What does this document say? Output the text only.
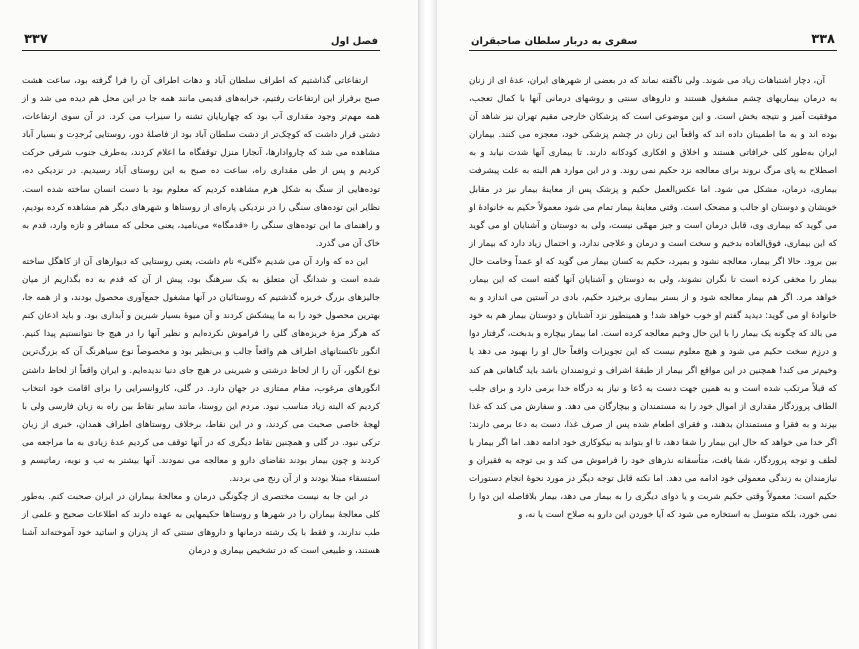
۳۳۷	فصل اول

ارتفاعاتی گذاشتیم که اطراف سلطان آباد و دهات اطراف آن را فرا گرفته بود، ساعت هشت صبح برفراز این ارتفاعات رفتیم، خرابه‌های قدیمی مانند همه جا در این محل هم دیده می شد و از همه مهم‌تر وجود مقداری آب بود که چهارپایان تشنه را سیراب می کرد. در آن سوی ارتفاعات، دشتی قرار داشت که کوچک‌تر از دشت سلطان آباد بود از فاصلهٔ دور، روستایی بُرجدِت و بسیار آباد مشاهده می شد که چاروادارها، آنجارا منزل توقفگاه ما اعلام کردند، به‌طرف جنوب شرقی حرکت کردیم و پس از طی مقداری راه، ساعت ده صبح به این روستای آباد رسیدیم. در نزدیکی ده، توده‌هایی از سنگ به شکل هرم مشاهده کردیم که معلوم بود با دست انسان ساخته شده است. نظایر این توده‌های سنگی را در نزدیکی پاره‌ای از روستاها و شهرهای دیگر هم مشاهده کرده بودیم، و راهنمای ما این توده‌های سنگی را «قدمگاه» می‌نامید، یعنی محلی که مسافر و تازه وارد، قدم به خاک آن می گذرد.

این ده که وارد آن می شدیم «گلی» نام داشت، یعنی روستایی که دیوارهای آن از کاهگل ساخته شده است و شدانگ آن متعلق به یک سرهنگ بود، پیش از آن که قدم به ده بگذاریم از میان جالیزهای بزرگ خربزه گذشتیم که روستائیان در آنها مشغول جمع‌آوری محصول بودند، و از همه جا، بهترین محصول خود را به ما پیشکش کردند و آن میوهٔ بسیار شیرین و آبداری بود. و باید اذعان کنم که هرگز مزهٔ خربزه‌های گلی را فراموش نکرده‌ایم و نظیر آنها را در هیچ جا نتوانستیم پیدا کنیم. انگور تاکستانهای اطراف هم واقعاً جالب و بی‌نظیر بود و مخصوصاً نوع سیاهرنگ آن که بزرگ‌ترین نوع انگور، آن را از لحاظ درشتی و شیرینی در هیچ جای دنیا ندیده‌ایم. و ایران واقعاً از لحاظ داشتن انگورهای مرغوب، مقام ممتازی در جهان دارد. در گلی، کاروانسرایی را برای اقامت خود انتخاب کردیم که البته زیاد مناسب نبود. مردم این روستا، مانند سایر نقاط بین راه به زبان فارسی ولی با لهجهٔ خاصی صحبت می کردند، و در این نقاط، برخلاف روستاهای اطراف همدان، خبری از زبان ترکی نبود. در گلی و همچنین نقاط دیگری که در آنها توقف می کردیم عدهٔ زیادی به ما مراجعه می کردند و چون بیمار بودند تقاضای دارو و معالجه می نمودند. آنها بیشتر به تب و نوبه، رماتیسم و استسقاء مبتلا بودند و از آن رنج می بردند.

در این جا به نیست مختصری از چگونگی درمان و معالجهٔ بیماران در ایران صحبت کنم. به‌طور کلی معالجهٔ بیماران را در شهرها و روستاها حکیمهایی به عهده دارند که اطلاعات صحیح و علمی از طب ندارند، و فقط با یک رشته درمانها و داروهای سنتی که از پدران و اساتید خود آموخته‌اند آشنا هستند، و طبیعی است که در تشخیص بیماری و درمان

سفری به دربار سلطان صاحبقران	۳۳۸

آن، دچار اشتباهات زیاد می شوند. ولی ناگفته نماند که در بعضی از شهرهای ایران، عدهٔ ای از زنان به درمان بیماریهای چشم مشغول هستند و داروهای سنتی و روشهای درمانی آنها با کمال تعجب، موفقیت آمیز و نتیجه بخش است. و این موضوعی است که پزشکان خارجی مقیم تهران نیز شاهد آن بوده اند و به ما اطمینان داده اند که واقعاً این زنان در چشم پزشکی خود، معجزه می کنند. بیماران ایران به‌طور کلی خرافاتی هستند و اخلاق و افکاری کودکانه دارند. تا بیماری آنها شدت نیابد و به اصطلاح به پای مرگ نروند برای معالجه نزد حکیم نمی روند. و در این موارد هم البته به علت پیشرفت بیماری، درمان، مشکل می شود. اما عکس‌العمل حکیم و پزشک پس از معاینهٔ بیمار نیز در مقابل خویشان و دوستان او جالب و مضحک است. وقتی معاینهٔ بیمار تمام می شود معمولاً حکیم به خانوادهٔ او می گوید که بیماری وی، قابل درمان است و جیز مهمّی نیست، ولی به دوستان و آشنایان او می گوید که این بیماری، فوق‌العاده بدخیم و سخت است و درمان و علاجی ندارد، و احتمال زیاد دارد که بیمار از بین برود. حالا اگر بیمار، معالجه نشود و بمیرد، حکیم به کسان بیمار می گوید که او عمداً وخامت حال بیمار را مخفی کرده است تا نگران نشوند، ولی به دوستان و آشنایان آنها گفته است که این بیمار، خواهد مرد. اگر هم بیمار معالجه شود و از بستر بیماری برخیزد حکیم، بادی در آستین می اندازد و به خانوادهٔ او می گوید: دیدید گفتم او خوب خواهد شد! و همینطور نزد آشنایان و دوستان بیمار هم به خود می بالد که چگونه یک بیمار را با این حال وخیم معالجه کرده است. اما بیمار بیچاره و بدبخت، گرفتار دوا و درزِم سخت حکیم می شود و هیچ معلوم نیست که این تجویزات واقعاً حال او را بهبود می دهد یا وخیم‌تر می کند! همچنین در این مواقع اگر بیمار از طبقهٔ اشراف و ثروتمندان باشد باید گناهانی هم کند که قبلاً مرتکب شده است و به همین جهت دست به دُعا و نیاز به درگاه خدا برمی دارد و برای جلب الطاف پروردگار مقداری از اموال خود را به مستمندان و بیچارگان می دهد. و سفارش می کند که غذا بپزند و به فقرا و مستمندان بدهند، و فقرای اطعام شده پس از صرف غذا، دست به دعا برمی دارند: اگر خدا می خواهد که حال این بیمار را شفا دهد، تا او بتواند به نیکوکاری خود ادامه دهد. اما اگر بیمار با لطف و توجه پروردگار، شفا یافت، متأسفانه نذرهای خود را فراموش می کند و بی توجه به فقیران و نیازمندان به زندگی معمولی خود ادامه می دهد. اما نکته قابل توجه دیگر در مورد نحوهٔ انجام دستورات حکیم است: معمولاً وقتی حکیم شربت و یا دوای دیگری را به بیمار می دهد، بیمار بلافاصله این دوا را نمی خورد، بلکه متوسل به استخاره می شود که آیا خوردن این دارو به صلاح است یا نه، و
